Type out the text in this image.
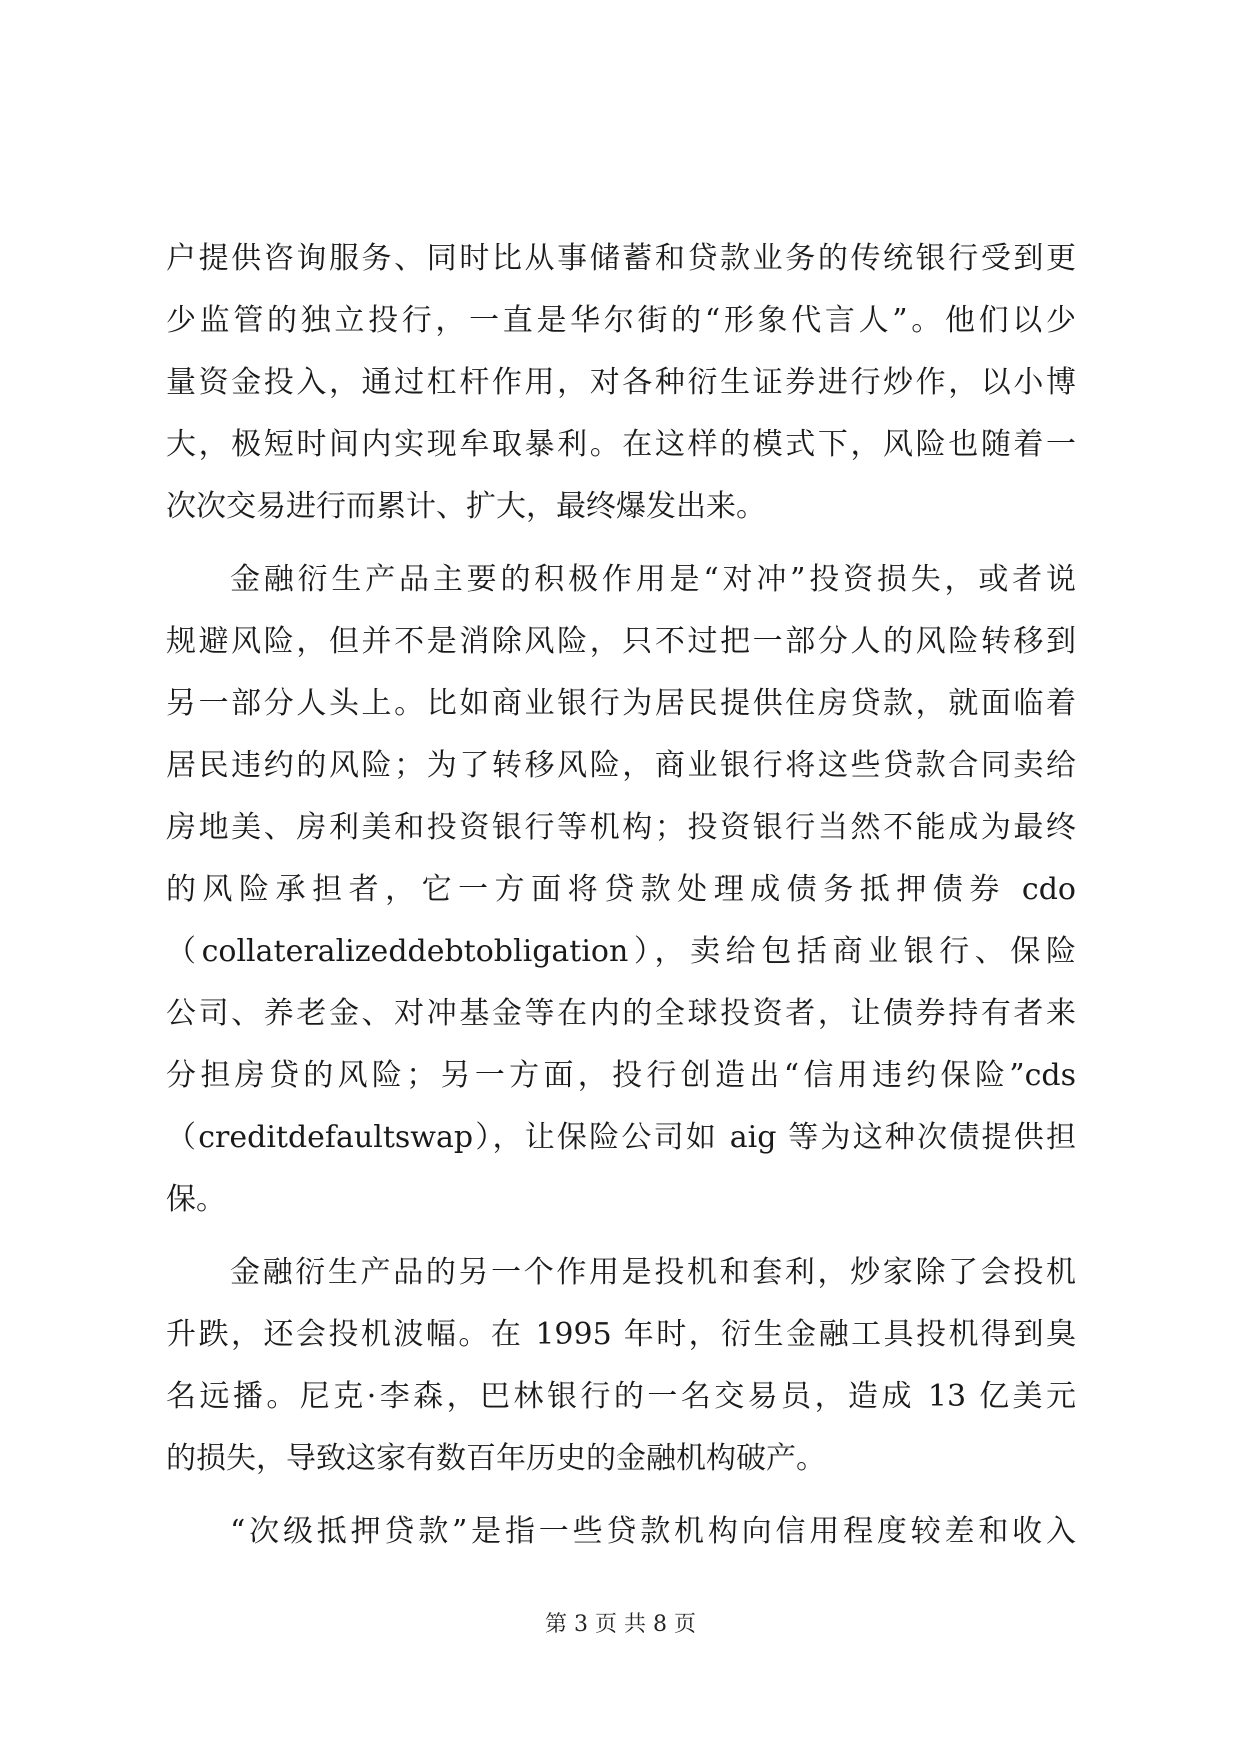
户提供咨询服务、同时比从事储蓄和贷款业务的传统银行受到更
少监管的独立投行，一直是华尔街的“形象代言人”。他们以少
量资金投入，通过杠杆作用，对各种衍生证券进行炒作，以小博
大，极短时间内实现牟取暴利。在这样的模式下，风险也随着一
次次交易进行而累计、扩大，最终爆发出来。
金融衍生产品主要的积极作用是“对冲”投资损失，或者说
规避风险，但并不是消除风险，只不过把一部分人的风险转移到
另一部分人头上。比如商业银行为居民提供住房贷款，就面临着
居民违约的风险；为了转移风险，商业银行将这些贷款合同卖给
房地美、房利美和投资银行等机构；投资银行当然不能成为最终
的风险承担者，它一方面将贷款处理成债务抵押债券 cdo
（collateralizeddebtobligation），卖给包括商业银行、保险
公司、养老金、对冲基金等在内的全球投资者，让债券持有者来
分担房贷的风险；另一方面，投行创造出“信用违约保险”cds
（creditdefaultswap），让保险公司如 aig 等为这种次债提供担
保。
金融衍生产品的另一个作用是投机和套利，炒家除了会投机
升跌，还会投机波幅。在 1995 年时，衍生金融工具投机得到臭
名远播。尼克·李森，巴林银行的一名交易员，造成 13 亿美元
的损失，导致这家有数百年历史的金融机构破产。
“次级抵押贷款”是指一些贷款机构向信用程度较差和收入
第 3 页 共 8 页
